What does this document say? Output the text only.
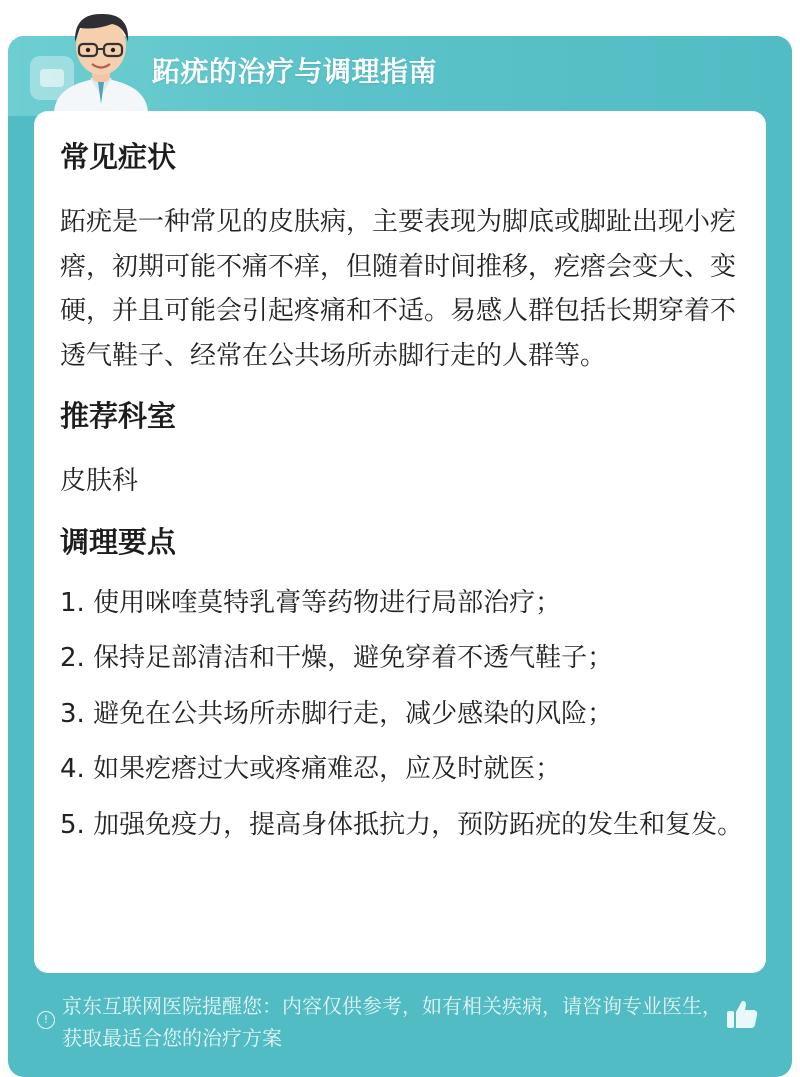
跖疣的治疗与调理指南
常见症状

跖疣是一种常见的皮肤病，主要表现为脚底或脚趾出现小疙瘩，初期可能不痛不痒，但随着时间推移，疙瘩会变大、变硬，并且可能会引起疼痛和不适。易感人群包括长期穿着不透气鞋子、经常在公共场所赤脚行走的人群等。

推荐科室

皮肤科

调理要点

1. 使用咪喹莫特乳膏等药物进行局部治疗；

2. 保持足部清洁和干燥，避免穿着不透气鞋子；

3. 避免在公共场所赤脚行走，减少感染的风险；

4. 如果疙瘩过大或疼痛难忍，应及时就医；

5. 加强免疫力，提高身体抵抗力，预防跖疣的发生和复发。

!
京东互联网医院提醒您：内容仅供参考，如有相关疾病，请咨询专业医生，获取最适合您的治疗方案
